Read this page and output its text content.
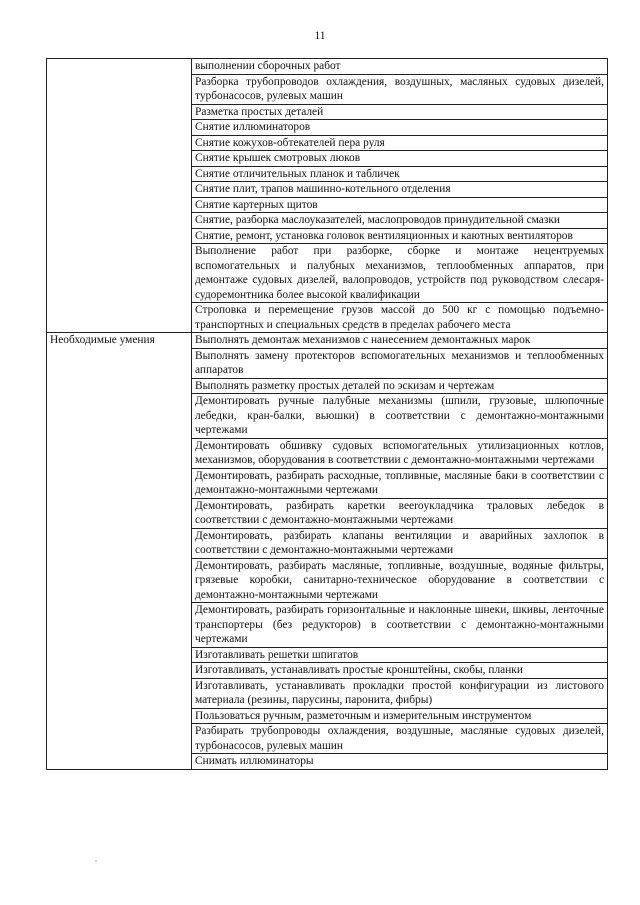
11
	выполнении сборочных работ
	Разборка трубопроводов охлаждения, воздушных, масляных судовых дизелей, турбонасосов, рулевых машин
	Разметка простых деталей
	Снятие иллюминаторов
	Снятие кожухов-обтекателей пера руля
	Снятие крышек смотровых люков
	Снятие отличительных планок и табличек
	Снятие плит, трапов машинно-котельного отделения
	Снятие картерных щитов
	Снятие, разборка маслоуказателей, маслопроводов принудительной смазки
	Снятие, ремонт, установка головок вентиляционных и каютных вентиляторов
	Выполнение работ при разборке, сборке и монтаже нецентруемых вспомогательных и палубных механизмов, теплообменных аппаратов, при демонтаже судовых дизелей, валопроводов, устройств под руководством слесаря-судоремонтника более высокой квалификации
	Строповка и перемещение грузов массой до 500 кг с помощью подъемно-транспортных и специальных средств в пределах рабочего места
Необходимые умения	Выполнять демонтаж механизмов с нанесением демонтажных марок
	Выполнять замену протекторов вспомогательных механизмов и теплообменных аппаратов
	Выполнять разметку простых деталей по эскизам и чертежам
	Демонтировать ручные палубные механизмы (шпили, грузовые, шлюпочные лебедки, кран-балки, вьюшки) в соответствии с демонтажно-монтажными чертежами
	Демонтировать обшивку судовых вспомогательных утилизационных котлов, механизмов, оборудования в соответствии с демонтажно-монтажными чертежами
	Демонтировать, разбирать расходные, топливные, масляные баки в соответствии с демонтажно-монтажными чертежами
	Демонтировать, разбирать каретки вееroукладчика траловых лебедок в соответствии с демонтажно-монтажными чертежами
	Демонтировать, разбирать клапаны вентиляции и аварийных захлопок в соответствии с демонтажно-монтажными чертежами
	Демонтировать, разбирать масляные, топливные, воздушные, водяные фильтры, грязевые коробки, санитарно-техническое оборудование в соответствии с демонтажно-монтажными чертежами
	Демонтировать, разбирать горизонтальные и наклонные шнеки, шкивы, ленточные транспортеры (без редукторов) в соответствии с демонтажно-монтажными чертежами
	Изготавливать решетки шпигатов
	Изготавливать, устанавливать простые кронштейны, скобы, планки
	Изготавливать, устанавливать прокладки простой конфигурации из листового материала (резины, парусины, паронита, фибры)
	Пользоваться ручным, разметочным и измерительным инструментом
	Разбирать трубопроводы охлаждения, воздушные, масляные судовых дизелей, турбонасосов, рулевых машин
	Снимать иллюминаторы
